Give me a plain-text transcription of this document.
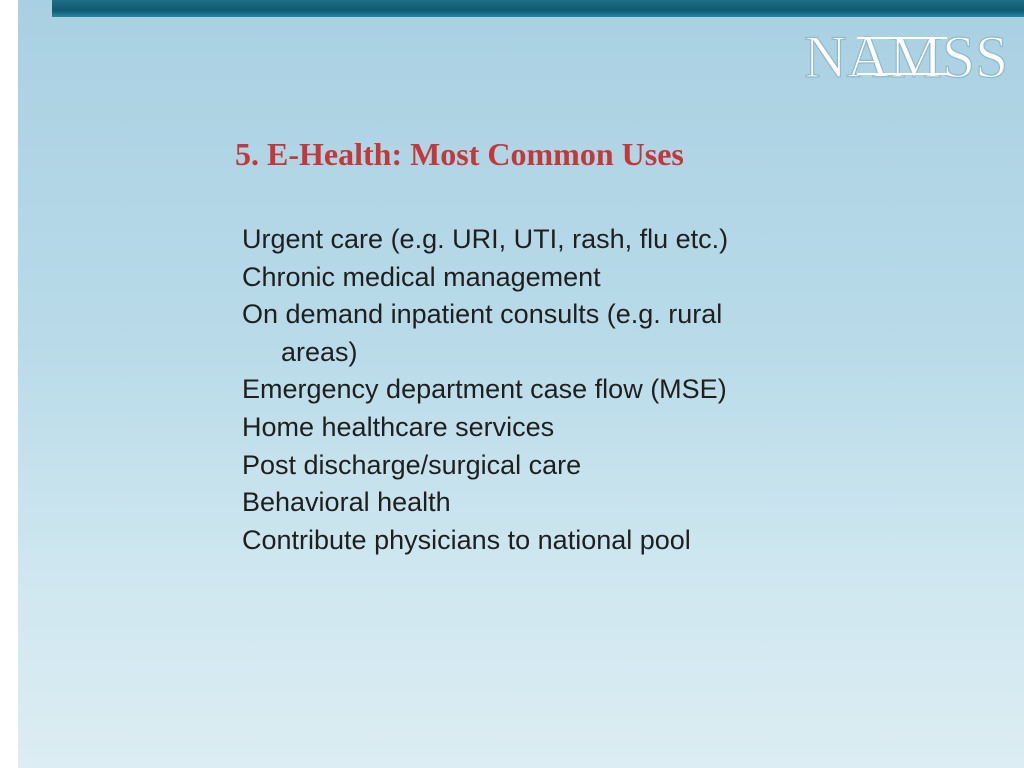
NAMSS
5. E-Health: Most Common Uses
Urgent care (e.g. URI, UTI, rash, flu etc.)
Chronic medical management
On demand inpatient consults (e.g. rural areas)
Emergency department case flow (MSE)
Home healthcare services
Post discharge/surgical care
Behavioral health
Contribute physicians to national pool
